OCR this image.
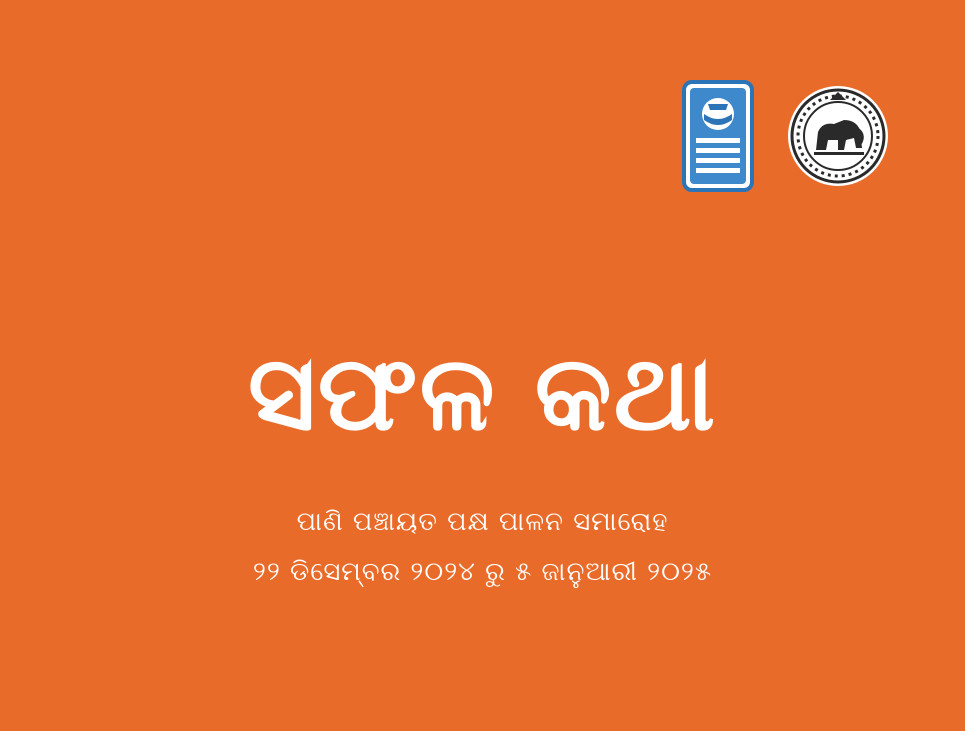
ସଫଳ କଥା
ପାଣି ପଞ୍ଚାୟତ ପକ୍ଷ ପାଳନ ସମାରୋହ
୨୨ ଡିସେମ୍ବର ୨୦୨୪ ରୁ ୫ ଜାନୁଆରୀ ୨୦୨୫
